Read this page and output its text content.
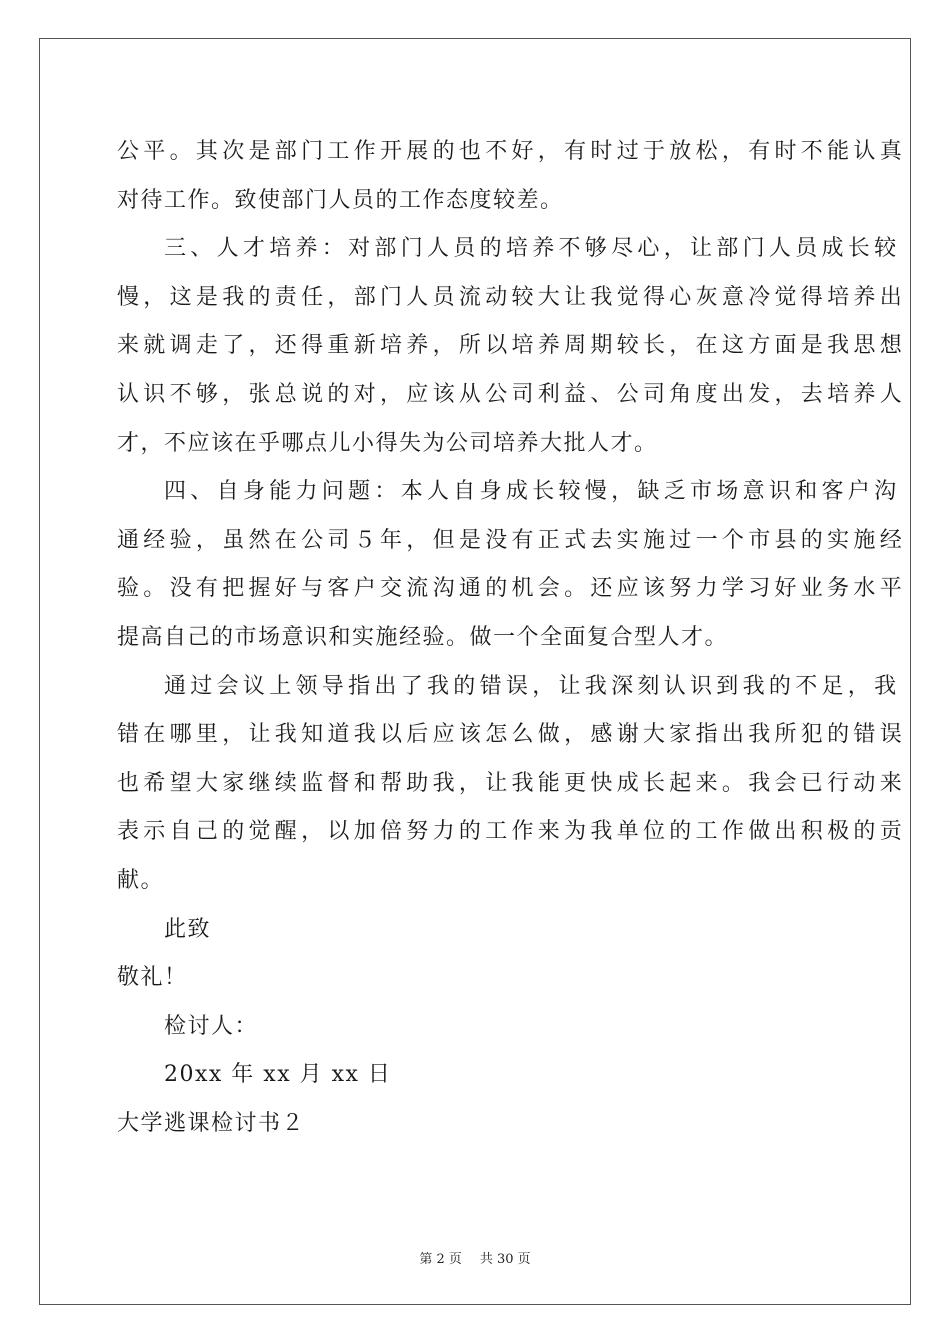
公平。其次是部门工作开展的也不好，有时过于放松，有时不能认真
对待工作。致使部门人员的工作态度较差。
三、人才培养：对部门人员的培养不够尽心，让部门人员成长较
慢，这是我的责任，部门人员流动较大让我觉得心灰意冷觉得培养出
来就调走了，还得重新培养，所以培养周期较长，在这方面是我思想
认识不够，张总说的对，应该从公司利益、公司角度出发，去培养人
才，不应该在乎哪点儿小得失为公司培养大批人才。
四、自身能力问题：本人自身成长较慢，缺乏市场意识和客户沟
通经验，虽然在公司５年，但是没有正式去实施过一个市县的实施经
验。没有把握好与客户交流沟通的机会。还应该努力学习好业务水平
提高自己的市场意识和实施经验。做一个全面复合型人才。
通过会议上领导指出了我的错误，让我深刻认识到我的不足，我
错在哪里，让我知道我以后应该怎么做，感谢大家指出我所犯的错误
也希望大家继续监督和帮助我，让我能更快成长起来。我会已行动来
表示自己的觉醒，以加倍努力的工作来为我单位的工作做出积极的贡
献。
此致
敬礼！
检讨人：
20xx 年 xx 月 xx 日
大学逃课检讨书２
第 2 页 共 30 页
